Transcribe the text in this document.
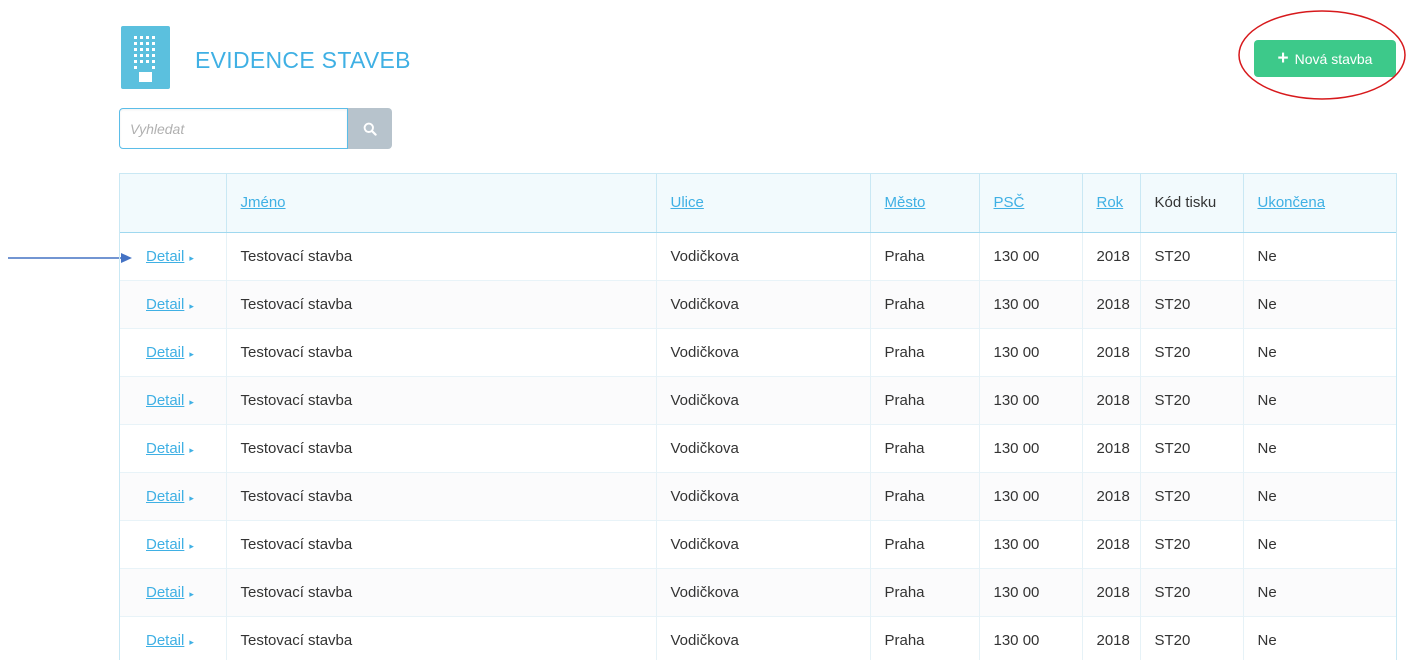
EVIDENCE STAVEB	+ Nová stavba
Vyhledat
	Jméno	Ulice	Město	PSČ	Rok	Kód tisku	Ukončena
Detail ▸	Testovací stavba	Vodičkova	Praha	130 00	2018	ST20	Ne
Detail ▸	Testovací stavba	Vodičkova	Praha	130 00	2018	ST20	Ne
Detail ▸	Testovací stavba	Vodičkova	Praha	130 00	2018	ST20	Ne
Detail ▸	Testovací stavba	Vodičkova	Praha	130 00	2018	ST20	Ne
Detail ▸	Testovací stavba	Vodičkova	Praha	130 00	2018	ST20	Ne
Detail ▸	Testovací stavba	Vodičkova	Praha	130 00	2018	ST20	Ne
Detail ▸	Testovací stavba	Vodičkova	Praha	130 00	2018	ST20	Ne
Detail ▸	Testovací stavba	Vodičkova	Praha	130 00	2018	ST20	Ne
Detail ▸	Testovací stavba	Vodičkova	Praha	130 00	2018	ST20	Ne
